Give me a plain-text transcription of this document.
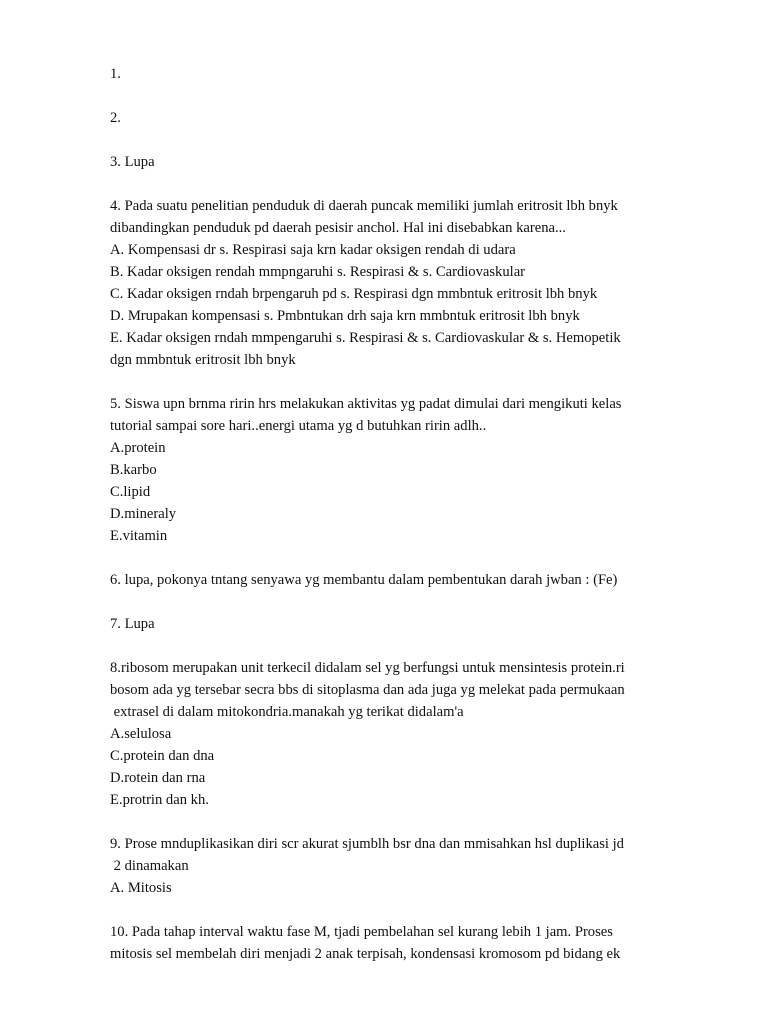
1.
2.
3. Lupa
4. Pada suatu penelitian penduduk di daerah puncak memiliki jumlah eritrosit lbh bnyk
dibandingkan penduduk pd daerah pesisir anchol. Hal ini disebabkan karena...
A. Kompensasi dr s. Respirasi saja krn kadar oksigen rendah di udara
B. Kadar oksigen rendah mmpngaruhi s. Respirasi & s. Cardiovaskular
C. Kadar oksigen rndah brpengaruh pd s. Respirasi dgn mmbntuk eritrosit lbh bnyk
D. Mrupakan kompensasi s. Pmbntukan drh saja krn mmbntuk eritrosit lbh bnyk
E. Kadar oksigen rndah mmpengaruhi s. Respirasi & s. Cardiovaskular & s. Hemopetik
dgn mmbntuk eritrosit lbh bnyk
5. Siswa upn brnma ririn hrs melakukan aktivitas yg padat dimulai dari mengikuti kelas
tutorial sampai sore hari..energi utama yg d butuhkan ririn adlh..
A.protein
B.karbo
C.lipid
D.mineraly
E.vitamin
6. lupa, pokonya tntang senyawa yg membantu dalam pembentukan darah jwban : (Fe)
7. Lupa
8.ribosom merupakan unit terkecil didalam sel yg berfungsi untuk mensintesis protein.ri
bosom ada yg tersebar secra bbs di sitoplasma dan ada juga yg melekat pada permukaan
extrasel di dalam mitokondria.manakah yg terikat didalam'a
A.selulosa
C.protein dan dna
D.rotein dan rna
E.protrin dan kh.
9. Prose mnduplikasikan diri scr akurat sjumblh bsr dna dan mmisahkan hsl duplikasi jd
2 dinamakan
A. Mitosis
10. Pada tahap interval waktu fase M, tjadi pembelahan sel kurang lebih 1 jam. Proses
mitosis sel membelah diri menjadi 2 anak terpisah, kondensasi kromosom pd bidang ek
